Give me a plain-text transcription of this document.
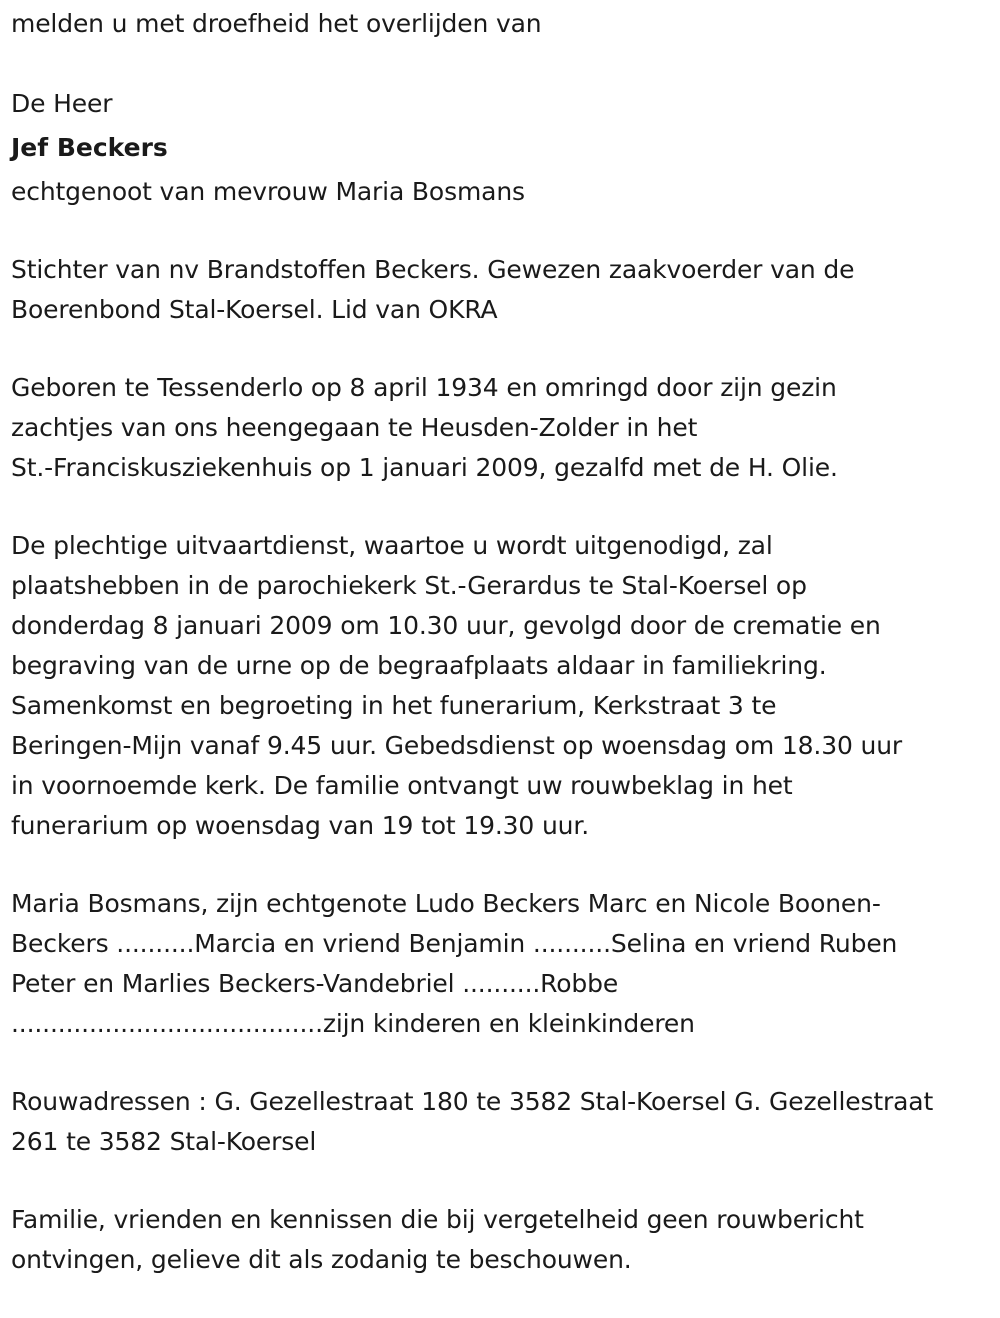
melden u met droefheid het overlijden van
De Heer
Jef Beckers
echtgenoot van mevrouw Maria Bosmans
Stichter van nv Brandstoffen Beckers. Gewezen zaakvoerder van de
Boerenbond Stal-Koersel. Lid van OKRA
Geboren te Tessenderlo op 8 april 1934 en omringd door zijn gezin
zachtjes van ons heengegaan te Heusden-Zolder in het
St.-Franciskusziekenhuis op 1 januari 2009, gezalfd met de H. Olie.
De plechtige uitvaartdienst, waartoe u wordt uitgenodigd, zal
plaatshebben in de parochiekerk St.-Gerardus te Stal-Koersel op
donderdag 8 januari 2009 om 10.30 uur, gevolgd door de crematie en
begraving van de urne op de begraafplaats aldaar in familiekring.
Samenkomst en begroeting in het funerarium, Kerkstraat 3 te
Beringen-Mijn vanaf 9.45 uur. Gebedsdienst op woensdag om 18.30 uur
in voornoemde kerk. De familie ontvangt uw rouwbeklag in het
funerarium op woensdag van 19 tot 19.30 uur.
Maria Bosmans, zijn echtgenote Ludo Beckers Marc en Nicole Boonen-
Beckers ..........Marcia en vriend Benjamin ..........Selina en vriend Ruben
Peter en Marlies Beckers-Vandebriel ..........Robbe
........................................zijn kinderen en kleinkinderen
Rouwadressen : G. Gezellestraat 180 te 3582 Stal-Koersel G. Gezellestraat
261 te 3582 Stal-Koersel
Familie, vrienden en kennissen die bij vergetelheid geen rouwbericht
ontvingen, gelieve dit als zodanig te beschouwen.
